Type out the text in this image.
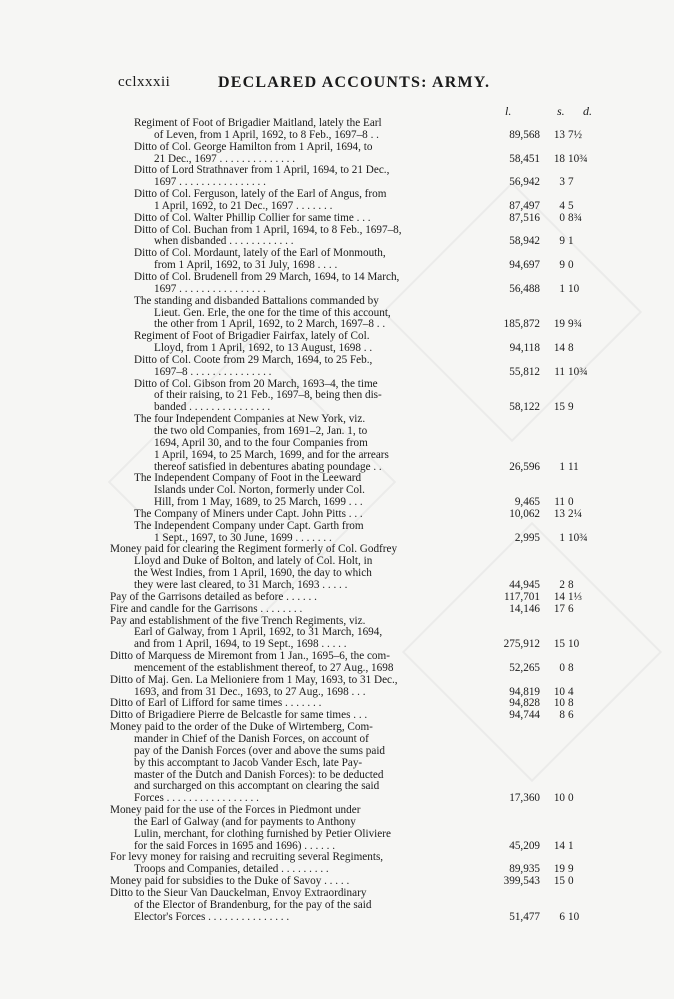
cclxxxii	DECLARED ACCOUNTS: ARMY.
l.	s. d.
Regiment of Foot of Brigadier Maitland, lately the Earl
of Leven, from 1 April, 1692, to 8 Feb., 1697–8 . .	89,568	13 7½
Ditto of Col. George Hamilton from 1 April, 1694, to
21 Dec., 1697 . . . . . . . . . . . . . .	58,451	18 10¾
Ditto of Lord Strathnaver from 1 April, 1694, to 21 Dec.,
1697 . . . . . . . . . . . . . . . .	56,942	3 7
Ditto of Col. Ferguson, lately of the Earl of Angus, from
1 April, 1692, to 21 Dec., 1697 . . . . . . .	87,497	4 5
Ditto of Col. Walter Phillip Collier for same time . . .	87,516	0 8¾
Ditto of Col. Buchan from 1 April, 1694, to 8 Feb., 1697–8,
when disbanded . . . . . . . . . . . .	58,942	9 1
Ditto of Col. Mordaunt, lately of the Earl of Monmouth,
from 1 April, 1692, to 31 July, 1698 . . . .	94,697	9 0
Ditto of Col. Brudenell from 29 March, 1694, to 14 March,
1697 . . . . . . . . . . . . . . . .	56,488	1 10
The standing and disbanded Battalions commanded by
Lieut. Gen. Erle, the one for the time of this account,
the other from 1 April, 1692, to 2 March, 1697–8 . .	185,872	19 9¾
Regiment of Foot of Brigadier Fairfax, lately of Col.
Lloyd, from 1 April, 1692, to 13 August, 1698 . .	94,118	14 8
Ditto of Col. Coote from 29 March, 1694, to 25 Feb.,
1697–8 . . . . . . . . . . . . . . .	55,812	11 10¾
Ditto of Col. Gibson from 20 March, 1693–4, the time
of their raising, to 21 Feb., 1697–8, being then dis-
banded . . . . . . . . . . . . . . .	58,122	15 9
The four Independent Companies at New York, viz.
the two old Companies, from 1691–2, Jan. 1, to
1694, April 30, and to the four Companies from
1 April, 1694, to 25 March, 1699, and for the arrears
thereof satisfied in debentures abating poundage . .	26,596	1 11
The Independent Company of Foot in the Leeward
Islands under Col. Norton, formerly under Col.
Hill, from 1 May, 1689, to 25 March, 1699 . . .	9,465	11 0
The Company of Miners under Capt. John Pitts . . .	10,062	13 2¼
The Independent Company under Capt. Garth from
1 Sept., 1697, to 30 June, 1699 . . . . . . .	2,995	1 10¾
Money paid for clearing the Regiment formerly of Col. Godfrey
Lloyd and Duke of Bolton, and lately of Col. Holt, in
the West Indies, from 1 April, 1690, the day to which
they were last cleared, to 31 March, 1693 . . . . .	44,945	2 8
Pay of the Garrisons detailed as before . . . . . .	117,701	14 1⅓
Fire and candle for the Garrisons . . . . . . . .	14,146	17 6
Pay and establishment of the five Trench Regiments, viz.
Earl of Galway, from 1 April, 1692, to 31 March, 1694,
and from 1 April, 1694, to 19 Sept., 1698 . . . . .	275,912	15 10
Ditto of Marquess de Miremont from 1 Jan., 1695–6, the com-
mencement of the establishment thereof, to 27 Aug., 1698	52,265	0 8
Ditto of Maj. Gen. La Melioniere from 1 May, 1693, to 31 Dec.,
1693, and from 31 Dec., 1693, to 27 Aug., 1698 . . .	94,819	10 4
Ditto of Earl of Lifford for same times . . . . . . .	94,828	10 8
Ditto of Brigadiere Pierre de Belcastle for same times . . .	94,744	8 6
Money paid to the order of the Duke of Wirtemberg, Com-
mander in Chief of the Danish Forces, on account of
pay of the Danish Forces (over and above the sums paid
by this accomptant to Jacob Vander Esch, late Pay-
master of the Dutch and Danish Forces): to be deducted
and surcharged on this accomptant on clearing the said
Forces . . . . . . . . . . . . . . . . .	17,360	10 0
Money paid for the use of the Forces in Piedmont under
the Earl of Galway (and for payments to Anthony
Lulin, merchant, for clothing furnished by Petier Oliviere
for the said Forces in 1695 and 1696) . . . . . .	45,209	14 1
For levy money for raising and recruiting several Regiments,
Troops and Companies, detailed . . . . . . . . .	89,935	19 9
Money paid for subsidies to the Duke of Savoy . . . . .	399,543	15 0
Ditto to the Sieur Van Dauckelman, Envoy Extraordinary
of the Elector of Brandenburg, for the pay of the said
Elector's Forces . . . . . . . . . . . . . . .	51,477	6 10
